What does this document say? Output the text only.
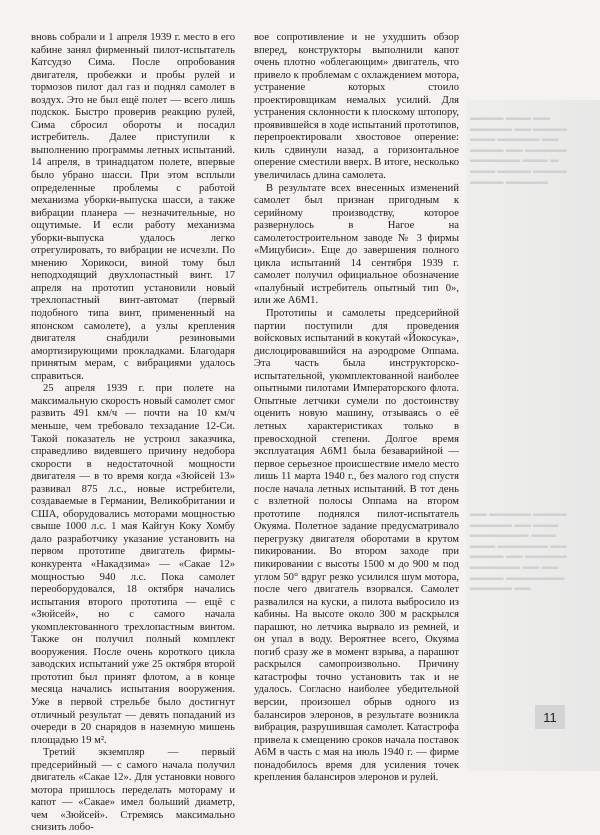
вновь собрали и 1 апреля 1939 г. место в его кабине занял фирменный пилот-испытатель Катсудзо Сима. После опробования двигателя, пробежки и пробы рулей и тормозов пилот дал газ и поднял самолет в воздух. Это не был ещё полет — всего лишь подскок. Быстро проверив реакцию рулей, Сима сбросил обороты и посадил истребитель. Далее приступили к выполнению программы летных испытаний. 14 апреля, в тринадцатом полете, впервые было убрано шасси. При этом всплыли определенные проблемы с работой механизма уборки-выпуска шасси, а также вибрации планера — незначительные, но ощутимые. И если работу механизма уборки-выпуска удалось легко отрегулировать, то вибрации не исчезли. По мнению Хорикоси, виной тому был неподходящий двухлопастный винт. 17 апреля на прототип установили новый трехлопастный винт-автомат (первый подобного типа винт, примененный на японском самолете), а узлы крепления двигателя снабдили резиновыми амортизирующими прокладками. Благодаря принятым мерам, с вибрациями удалось справиться.

25 апреля 1939 г. при полете на максимальную скорость новый самолет смог развить 491 км/ч — почти на 10 км/ч меньше, чем требовало техзадание 12-Си. Такой показатель не устроил заказчика, справедливо видевшего причину недобора скорости в недостаточной мощности двигателя — в то время когда «Зюйсей 13» развивал 875 л.с., новые истребители, создаваемые в Германии, Великобритании и США, оборудовались моторами мощностью свыше 1000 л.с. 1 мая Кайгун Коку Хомбу дало разработчику указание установить на первом прототипе двигатель фирмы-конкурента «Накадзима» — «Сакае 12» мощностью 940 л.с. Пока самолет переоборудовался, 18 октября начались испытания второго прототипа — ещё с «Зюйсей», но с самого начала укомплектованного трехлопастным винтом. Также он получил полный комплект вооружения. После очень короткого цикла заводских испытаний уже 25 октября второй прототип был принят флотом, а в конце месяца начались испытания вооружения. Уже в первой стрельбе было достигнут отличный результат — девять попаданий из очереди в 20 снарядов в наземную мишень площадью 19 м².

Третий экземпляр — первый предсерийный — с самого начала получил двигатель «Сакае 12». Для установки нового мотора пришлось переделать мотораму и капот — «Сакае» имел больший диаметр, чем «Зюйсей». Стремясь максимально снизить лобо-

вое сопротивление и не ухудшить обзор вперед, конструкторы выполнили капот очень плотно «облегающим» двигатель, что привело к проблемам с охлаждением мотора, устранение которых стоило проектировщикам немалых усилий. Для устранения склонности к плоскому штопору, проявившейся в ходе испытаний прототипов, перепроектировали хвостовое оперение: киль сдвинули назад, а горизонтальное оперение сместили вверх. В итоге, несколько увеличилась длина самолета.

В результате всех внесенных изменений самолет был признан пригодным к серийному производству, которое развернулось в Нагое на самолетостроительном заводе № 3 фирмы «Мицубиси». Еще до завершения полного цикла испытаний 14 сентября 1939 г. самолет получил официальное обозначение «палубный истребитель опытный тип 0», или же A6M1.

Прототипы и самолеты предсерийной партии поступили для проведения войсковых испытаний в кокутай «Йокосука», дислоцировавшийся на аэродроме Оппама. Эта часть была инструкторско-испытательной, укомплектованной наиболее опытными пилотами Императорского флота. Опытные летчики сумели по достоинству оценить новую машину, отзываясь о её летных характеристиках только в превосходной степени. Долгое время эксплуатация A6M1 была безаварийной — первое серьезное происшествие имело место лишь 11 марта 1940 г., без малого год спустя после начала летных испытаний. В тот день с взлетной полосы Оппама на втором прототипе поднялся пилот-испытатель Окуяма. Полетное задание предусматривало перегрузку двигателя оборотами в крутом пикировании. Во втором заходе при пикировании с высоты 1500 м до 900 м под углом 50° вдруг резко усилился шум мотора, после чего двигатель взорвался. Самолет развалился на куски, а пилота выбросило из кабины. На высоте около 300 м раскрылся парашют, но летчика вырвало из ремней, и он упал в воду. Вероятнее всего, Окуяма погиб сразу же в момент взрыва, а парашют раскрылся самопроизвольно. Причину катастрофы точно установить так и не удалось. Согласно наиболее убедительной версии, произошел обрыв одного из балансиров элеронов, в результате возникла вибрация, разрушившая самолет. Катастрофа привела к смещению сроков начала поставок A6M в часть с мая на июль 1940 г. — фирме понадобилось время для усиления точек крепления балансиров элеронов и рулей.

▬▬▬▬ ▬▬▬ ▬▬
▬▬▬▬▬ ▬▬ ▬▬▬▬
▬▬▬ ▬▬▬▬▬ ▬▬
▬▬▬▬ ▬▬ ▬▬▬▬▬
▬▬▬▬▬▬ ▬▬▬ ▬
▬▬▬ ▬▬▬▬ ▬▬▬▬
▬▬▬▬ ▬▬▬▬▬
▬▬ ▬▬▬▬▬ ▬▬▬▬
▬▬▬▬▬ ▬▬ ▬▬▬
▬▬▬▬▬▬▬ ▬▬▬
▬▬▬ ▬▬▬▬▬▬ ▬▬
▬▬▬▬ ▬▬ ▬▬▬▬▬
▬▬▬▬▬▬ ▬▬ ▬▬
▬▬▬▬ ▬▬▬▬▬▬▬
▬▬▬▬▬ ▬▬
11
